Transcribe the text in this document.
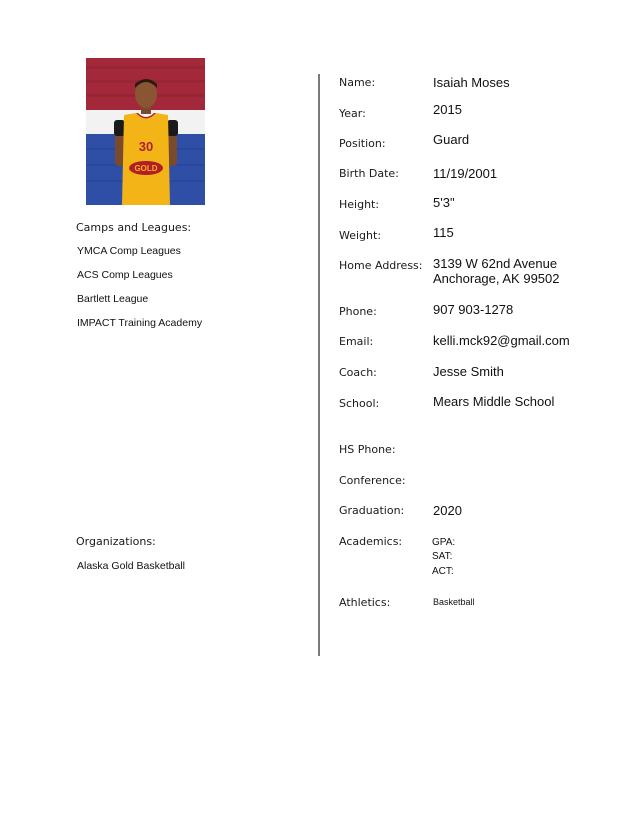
30
GOLD
Camps and Leagues:
YMCA Comp Leagues
ACS Comp Leagues
Bartlett League
IMPACT Training Academy
Organizations:
Alaska Gold Basketball
Name:
Year:
Position:
Birth Date:
Height:
Weight:
Home Address:
Phone:
Email:
Coach:
School:
HS Phone:
Conference:
Graduation:
Academics:
Athletics:
Isaiah Moses
2015
Guard
11/19/2001
5'3"
115
3139 W 62nd Avenue
Anchorage, AK 99502
907 903-1278
kelli.mck92@gmail.com
Jesse Smith
Mears Middle School
2020
GPA:
SAT:
ACT:
Basketball
